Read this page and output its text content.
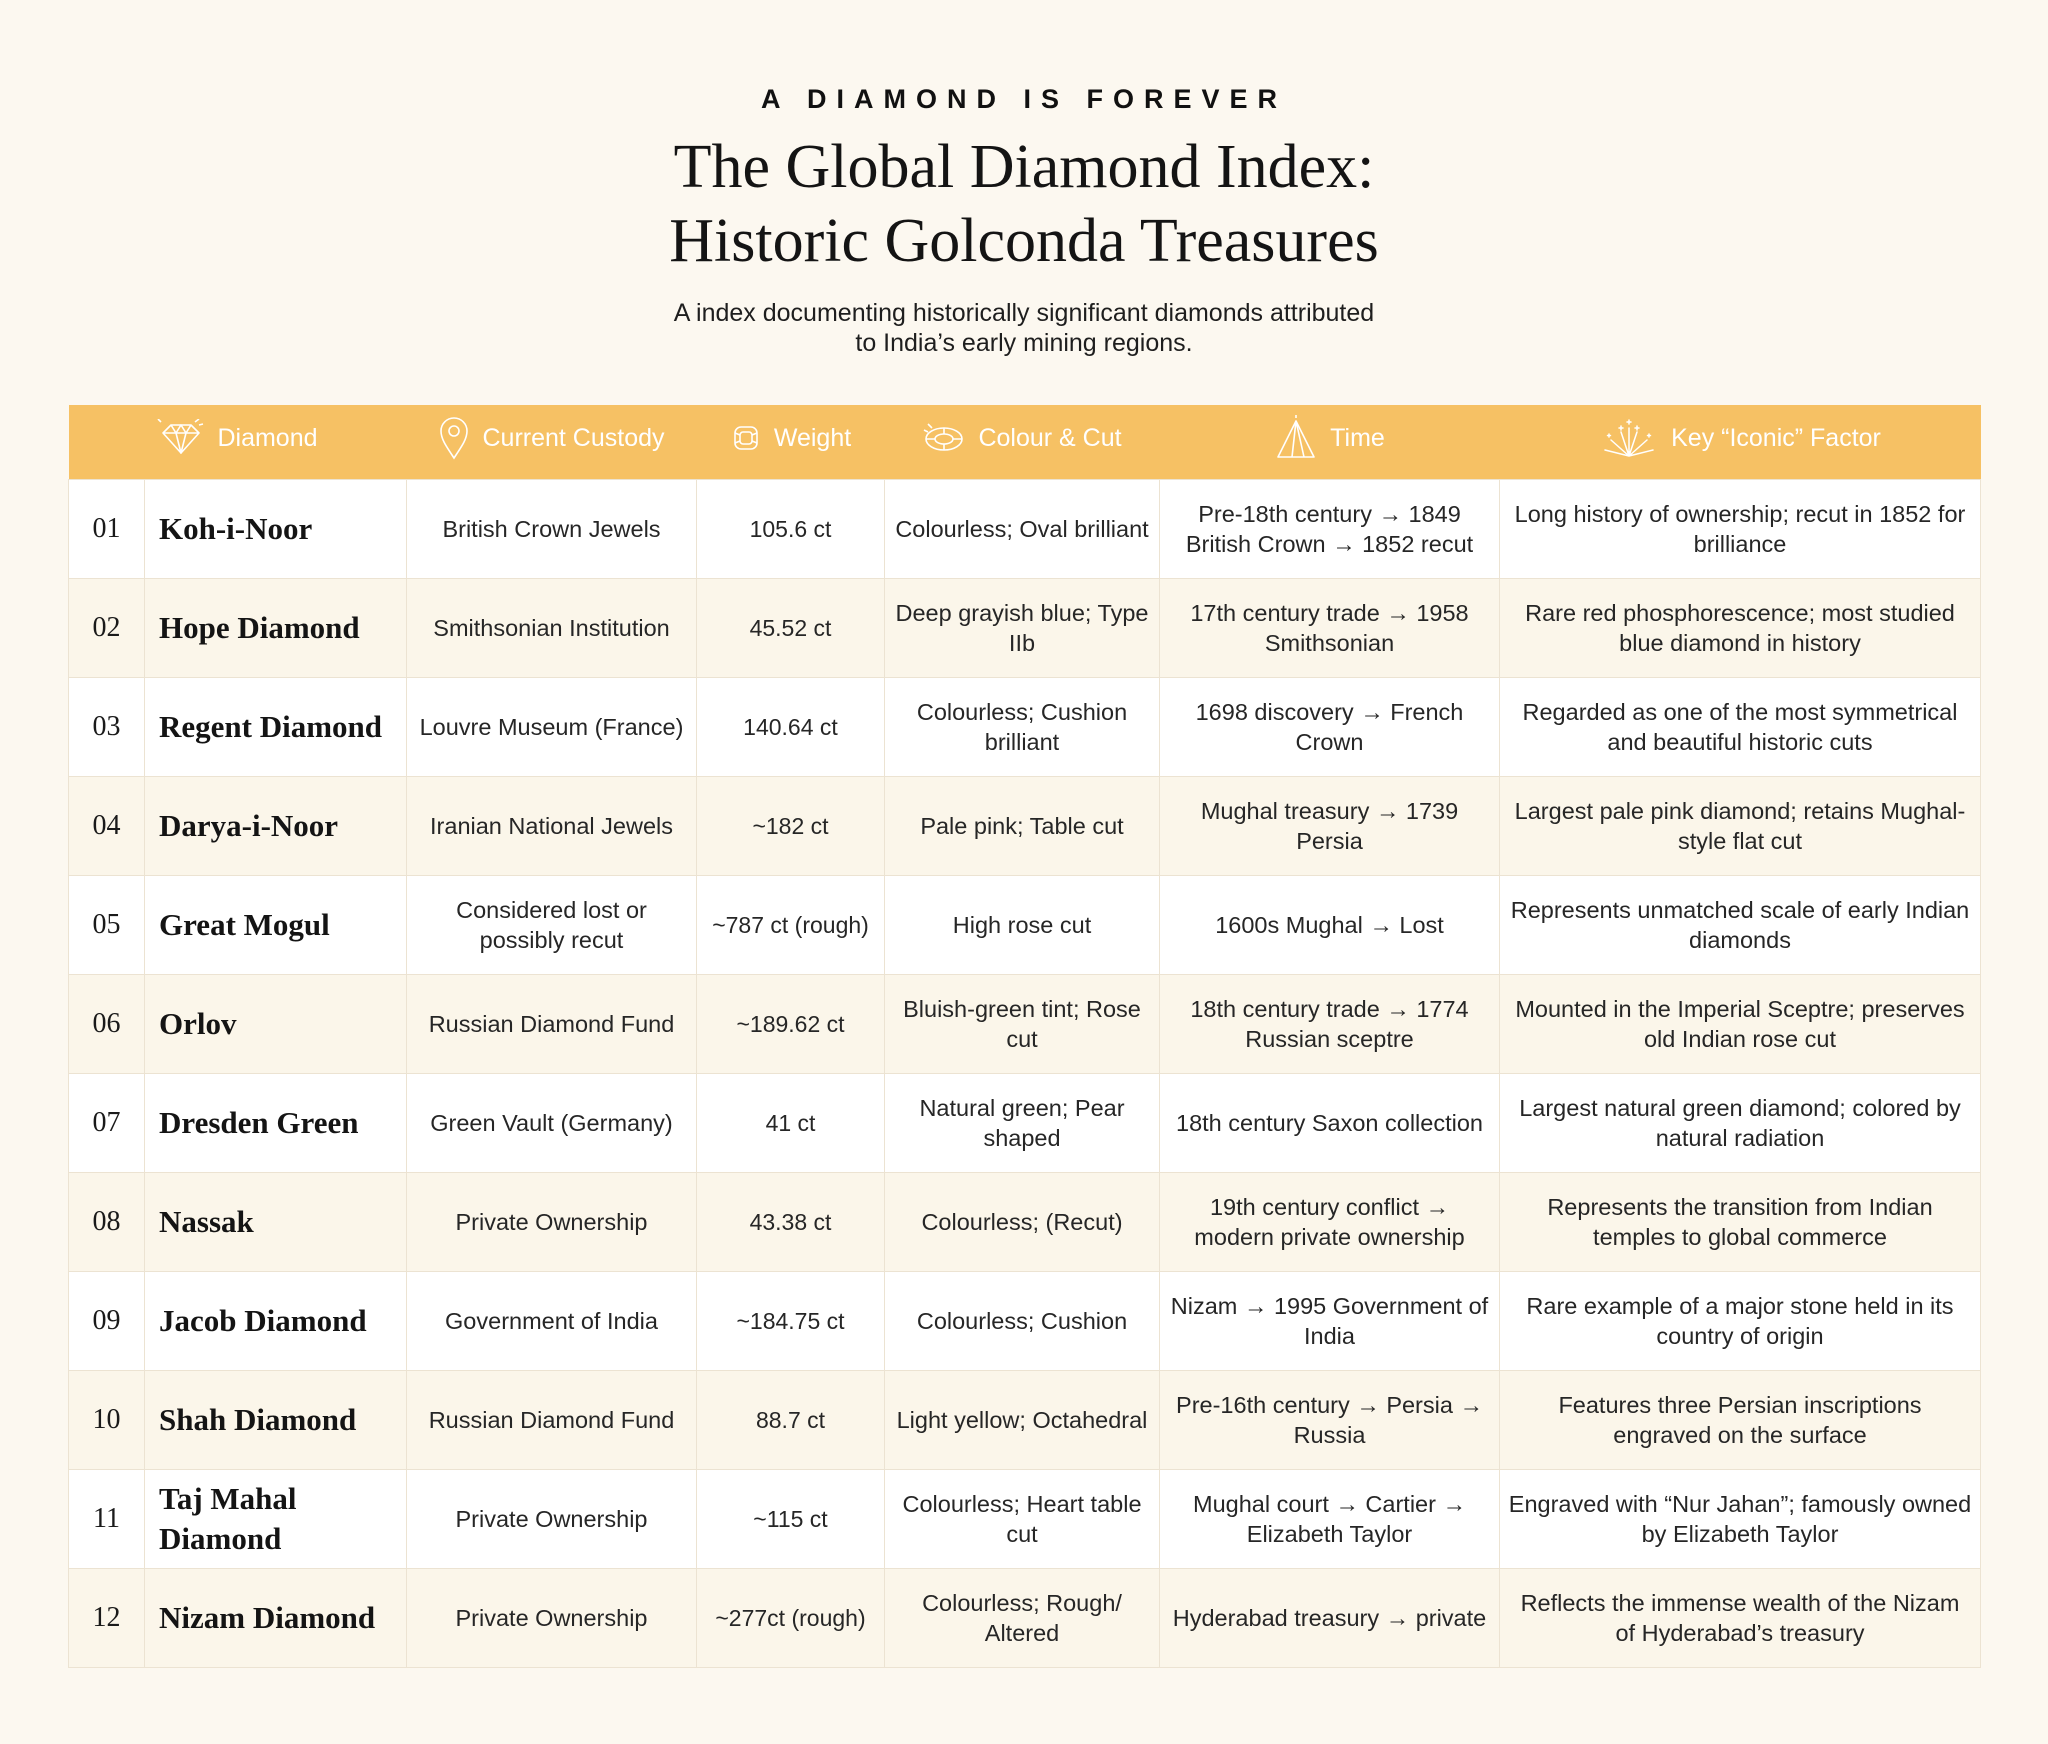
A DIAMOND IS FOREVER
The Global Diamond Index:
Historic Golconda Treasures
A index documenting historically significant diamonds attributed
to India’s early mining regions.
Diamond		Current Custody	Weight	Colour & Cut	Time	Key “Iconic” Factor

01	Koh-i-Noor	British Crown Jewels	105.6 ct	Colourless; Oval brilliant	Pre-18th century → 1849 British Crown → 1852 recut	Long history of ownership; recut in 1852 for brilliance
02	Hope Diamond	Smithsonian Institution	45.52 ct	Deep grayish blue; Type IIb	17th century trade → 1958 Smithsonian	Rare red phosphorescence; most studied blue diamond in history
03	Regent Diamond	Louvre Museum (France)	140.64 ct	Colourless; Cushion brilliant	1698 discovery → French Crown	Regarded as one of the most symmetrical and beautiful historic cuts
04	Darya-i-Noor	Iranian National Jewels	~182 ct	Pale pink; Table cut	Mughal treasury → 1739 Persia	Largest pale pink diamond; retains Mughal-style flat cut
05	Great Mogul	Considered lost or possibly recut	~787 ct (rough)	High rose cut	1600s Mughal → Lost	Represents unmatched scale of early Indian diamonds
06	Orlov	Russian Diamond Fund	~189.62 ct	Bluish-green tint; Rose cut	18th century trade → 1774 Russian sceptre	Mounted in the Imperial Sceptre; preserves old Indian rose cut
07	Dresden Green	Green Vault (Germany)	41 ct	Natural green; Pear shaped	18th century Saxon collection	Largest natural green diamond; colored by natural radiation
08	Nassak	Private Ownership	43.38 ct	Colourless; (Recut)	19th century conflict → modern private ownership	Represents the transition from Indian temples to global commerce
09	Jacob Diamond	Government of India	~184.75 ct	Colourless; Cushion	Nizam → 1995 Government of India	Rare example of a major stone held in its country of origin
10	Shah Diamond	Russian Diamond Fund	88.7 ct	Light yellow; Octahedral	Pre-16th century → Persia → Russia	Features three Persian inscriptions engraved on the surface
11	Taj Mahal Diamond	Private Ownership	~115 ct	Colourless; Heart table cut	Mughal court → Cartier → Elizabeth Taylor	Engraved with “Nur Jahan”; famously owned by Elizabeth Taylor
12	Nizam Diamond	Private Ownership	~277ct (rough)	Colourless; Rough/ Altered	Hyderabad treasury → private	Reflects the immense wealth of the Nizam of Hyderabad’s treasury
